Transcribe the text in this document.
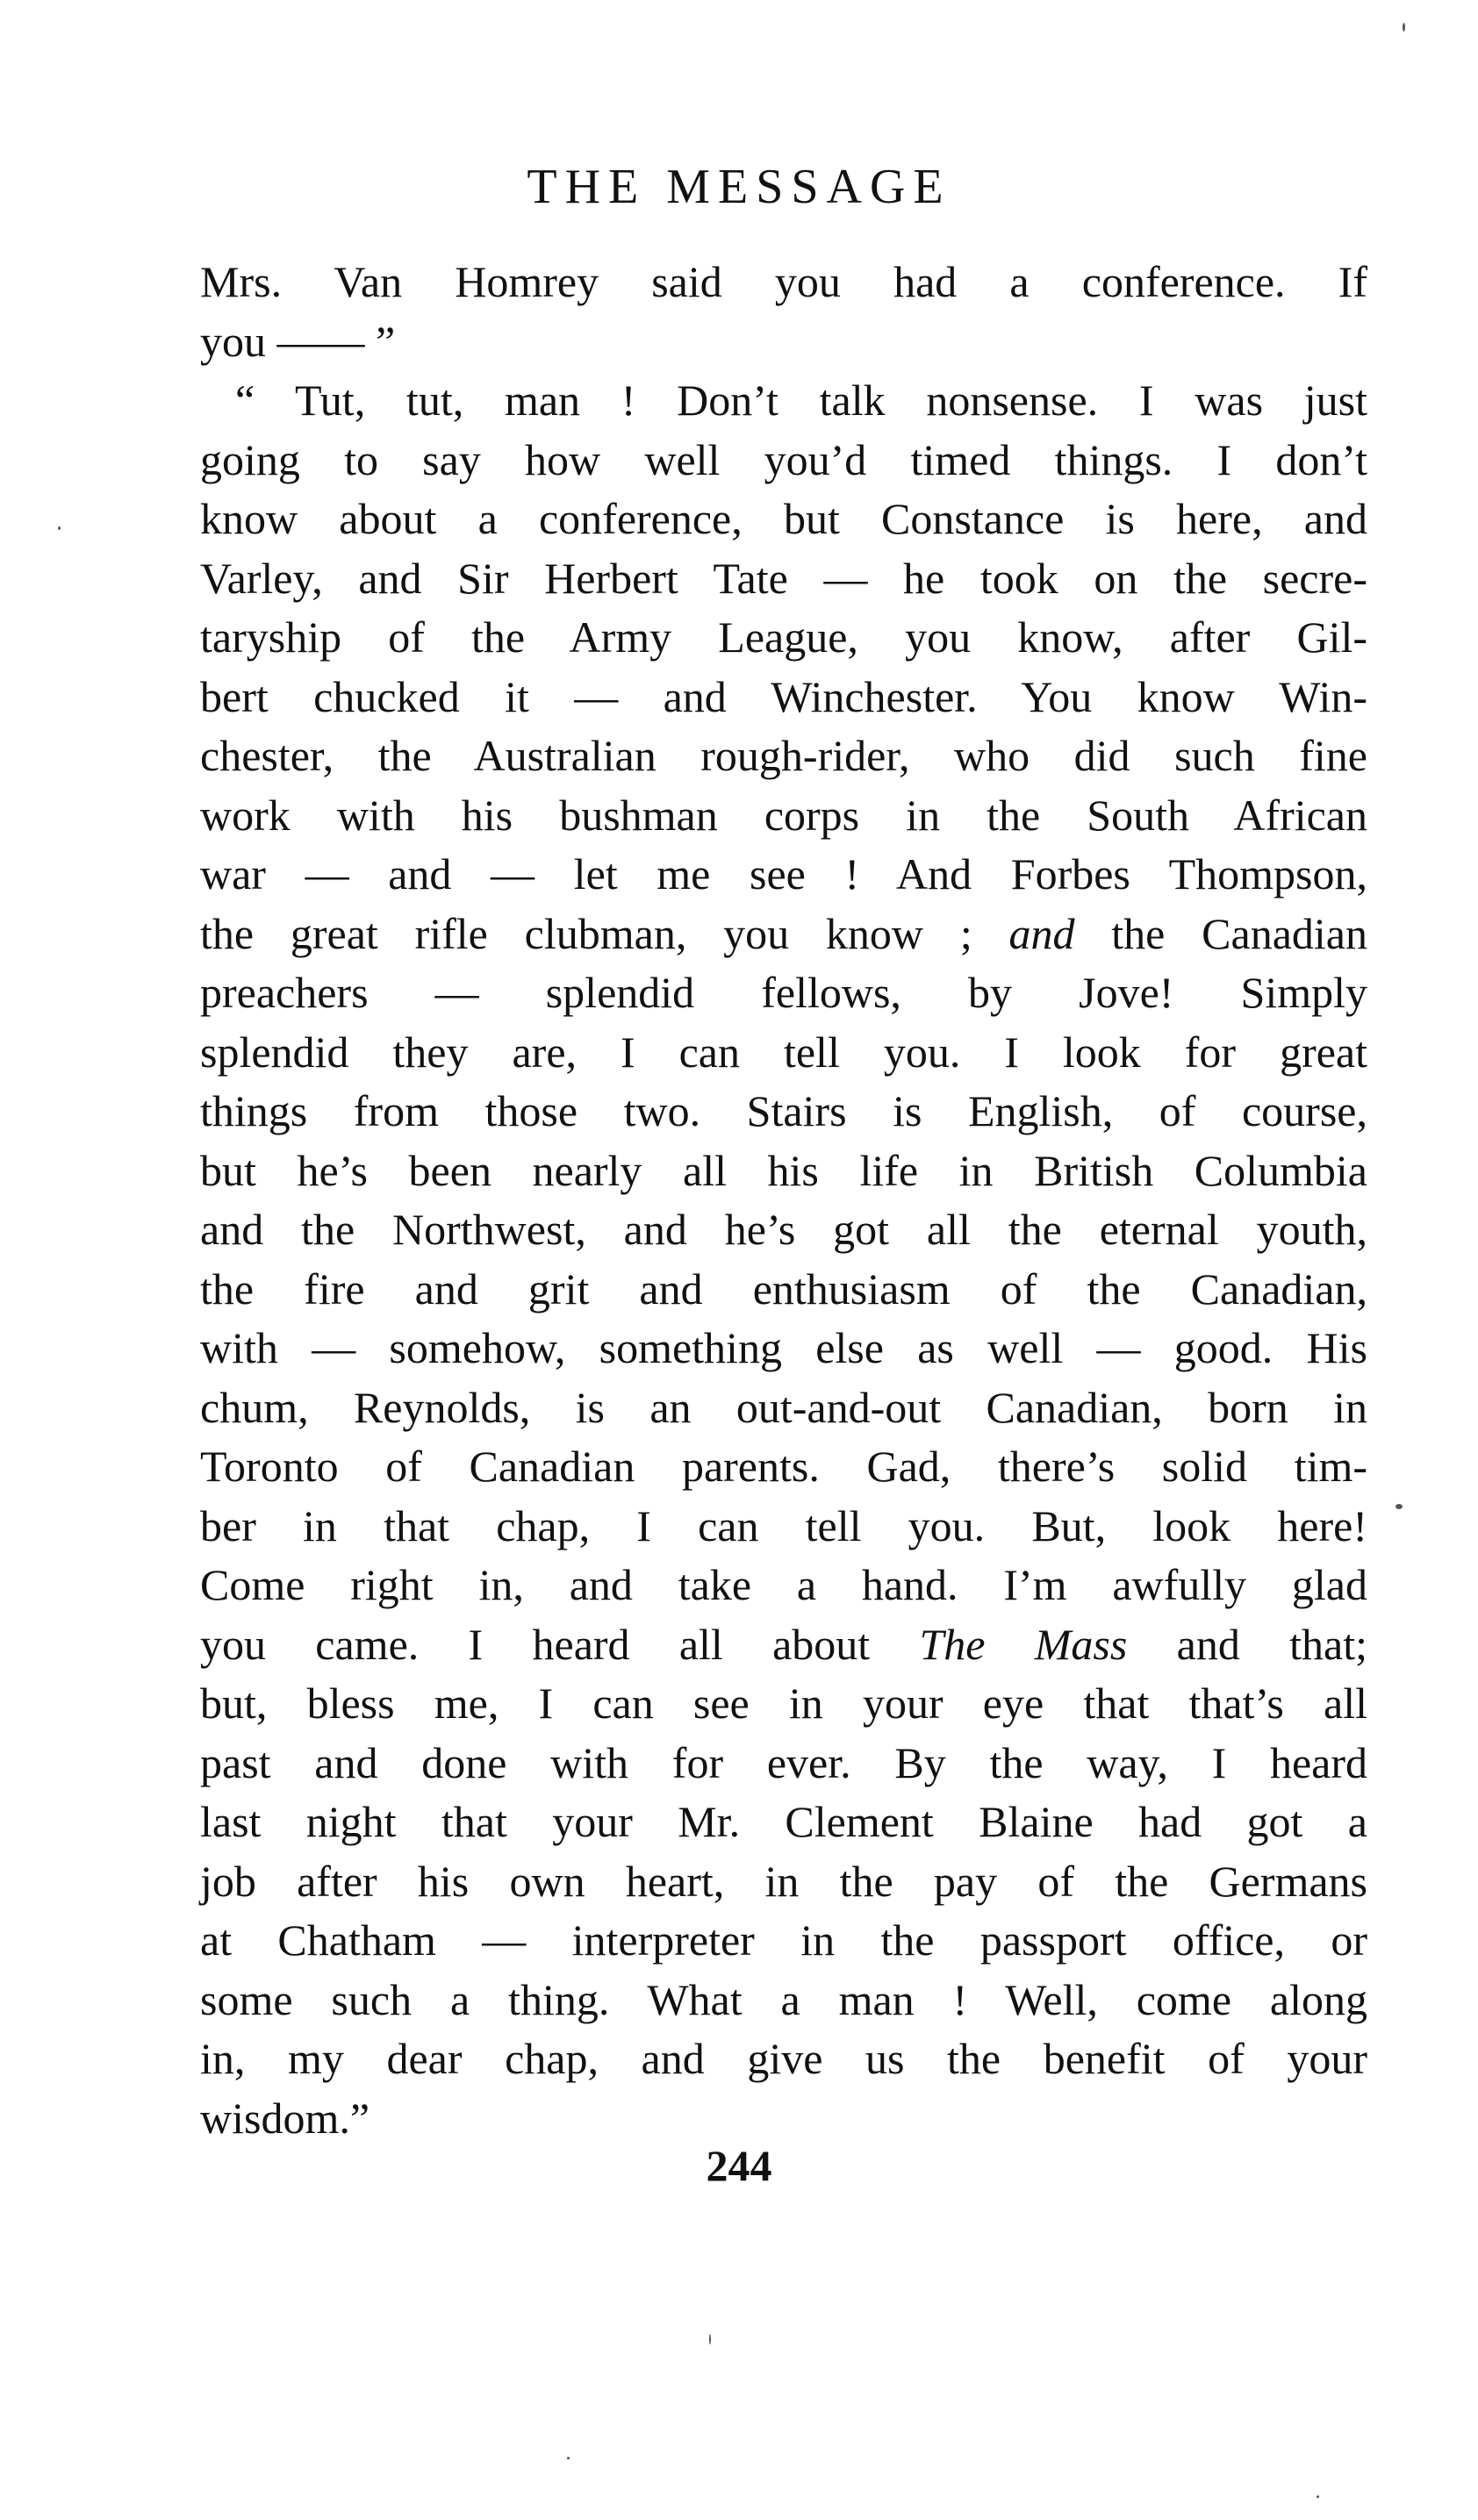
THE MESSAGE
Mrs. Van Homrey said you had a conference. If
you —— ”
“ Tut, tut, man ! Don’t talk nonsense. I was just
going to say how well you’d timed things. I don’t
know about a conference, but Constance is here, and
Varley, and Sir Herbert Tate — he took on the secre-
taryship of the Army League, you know, after Gil-
bert chucked it — and Winchester. You know Win-
chester, the Australian rough-rider, who did such fine
work with his bushman corps in the South African
war — and — let me see ! And Forbes Thompson,
the great rifle clubman, you know ; and the Canadian
preachers — splendid fellows, by Jove! Simply
splendid they are, I can tell you. I look for great
things from those two. Stairs is English, of course,
but he’s been nearly all his life in British Columbia
and the Northwest, and he’s got all the eternal youth,
the fire and grit and enthusiasm of the Canadian,
with — somehow, something else as well — good. His
chum, Reynolds, is an out-and-out Canadian, born in
Toronto of Canadian parents. Gad, there’s solid tim-
ber in that chap, I can tell you. But, look here!
Come right in, and take a hand. I’m awfully glad
you came. I heard all about The Mass and that;
but, bless me, I can see in your eye that that’s all
past and done with for ever. By the way, I heard
last night that your Mr. Clement Blaine had got a
job after his own heart, in the pay of the Germans
at Chatham — interpreter in the passport office, or
some such a thing. What a man ! Well, come along
in, my dear chap, and give us the benefit of your
wisdom.”
244
